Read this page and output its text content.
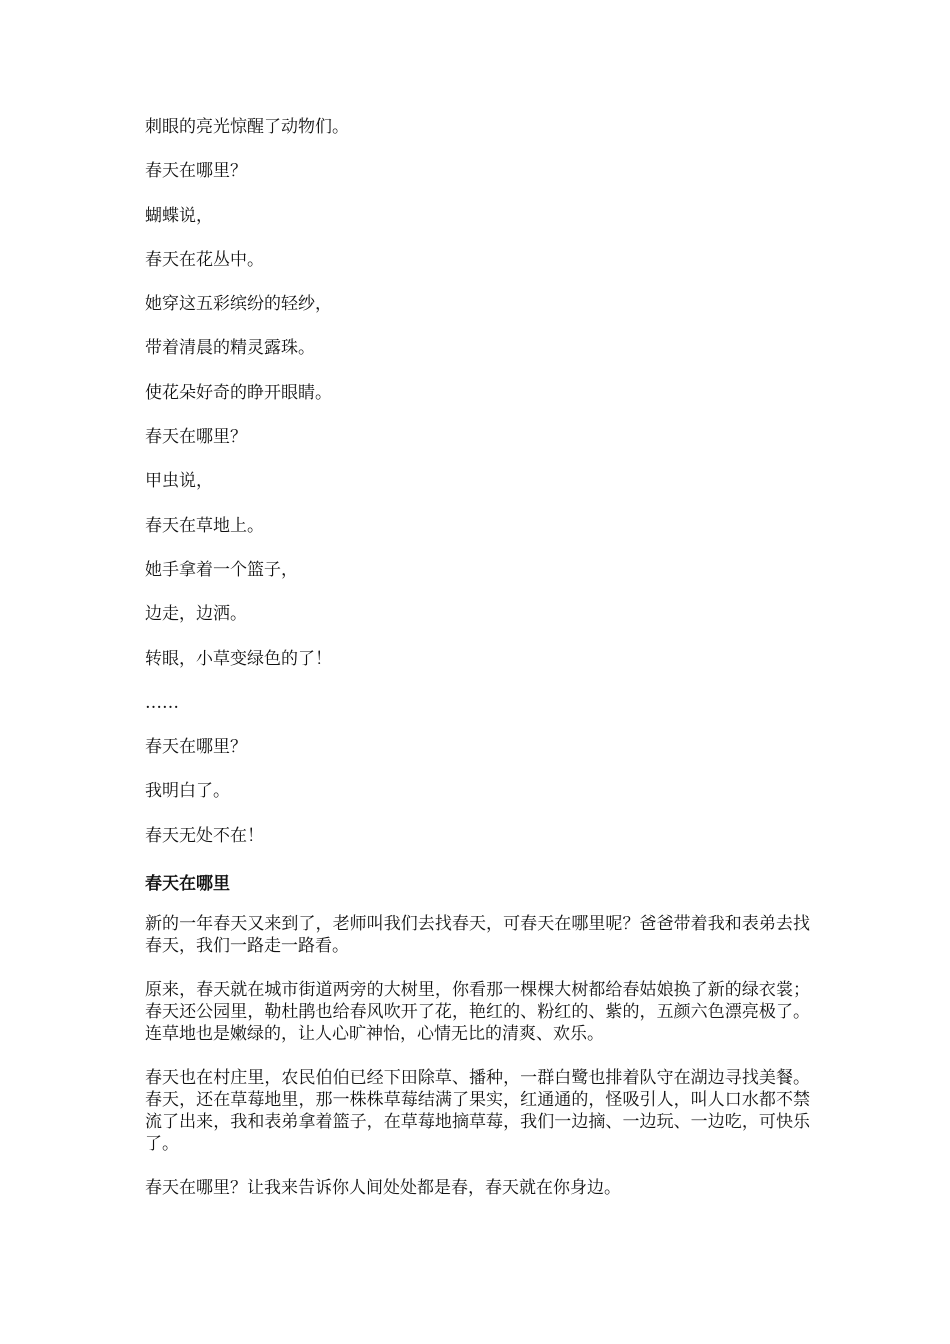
刺眼的亮光惊醒了动物们。

春天在哪里？

蝴蝶说，

春天在花丛中。

她穿这五彩缤纷的轻纱，

带着清晨的精灵露珠。

使花朵好奇的睁开眼睛。

春天在哪里？

甲虫说，

春天在草地上。

她手拿着一个篮子，

边走，边洒。

转眼，小草变绿色的了！

……

春天在哪里？

我明白了。

春天无处不在！

春天在哪里

新的一年春天又来到了，老师叫我们去找春天，可春天在哪里呢？爸爸带着我和表弟去找春天，我们一路走一路看。

原来，春天就在城市街道两旁的大树里，你看那一棵棵大树都给春姑娘换了新的绿衣裳；春天还公园里，勒杜鹃也给春风吹开了花，艳红的、粉红的、紫的，五颜六色漂亮极了。连草地也是嫩绿的，让人心旷神怡，心情无比的清爽、欢乐。

春天也在村庄里，农民伯伯已经下田除草、播种，一群白鹭也排着队守在湖边寻找美餐。春天，还在草莓地里，那一株株草莓结满了果实，红通通的，怪吸引人，叫人口水都不禁流了出来，我和表弟拿着篮子，在草莓地摘草莓，我们一边摘、一边玩、一边吃，可快乐了。

春天在哪里？让我来告诉你人间处处都是春，春天就在你身边。
